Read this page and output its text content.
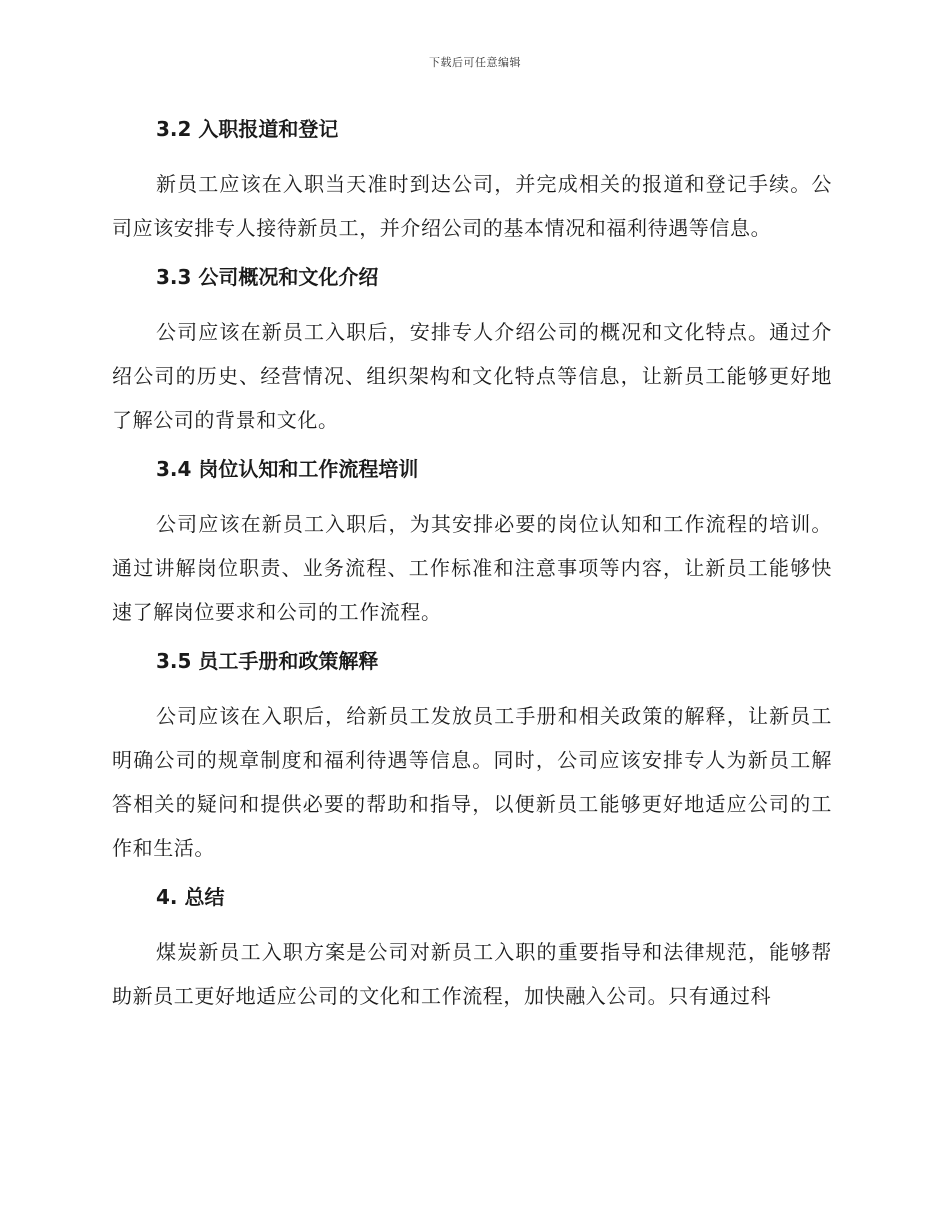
下载后可任意编辑
3.2 入职报道和登记

新员工应该在入职当天准时到达公司，并完成相关的报道和登记手续。公司应该安排专人接待新员工，并介绍公司的基本情况和福利待遇等信息。

3.3 公司概况和文化介绍

公司应该在新员工入职后，安排专人介绍公司的概况和文化特点。通过介绍公司的历史、经营情况、组织架构和文化特点等信息，让新员工能够更好地了解公司的背景和文化。

3.4 岗位认知和工作流程培训

公司应该在新员工入职后，为其安排必要的岗位认知和工作流程的培训。通过讲解岗位职责、业务流程、工作标准和注意事项等内容，让新员工能够快速了解岗位要求和公司的工作流程。

3.5 员工手册和政策解释

公司应该在入职后，给新员工发放员工手册和相关政策的解释，让新员工明确公司的规章制度和福利待遇等信息。同时，公司应该安排专人为新员工解答相关的疑问和提供必要的帮助和指导，以便新员工能够更好地适应公司的工作和生活。

4. 总结

煤炭新员工入职方案是公司对新员工入职的重要指导和法律规范，能够帮助新员工更好地适应公司的文化和工作流程，加快融入公司。只有通过科
